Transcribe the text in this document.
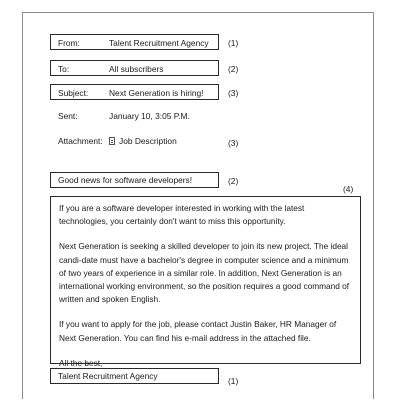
From:	Talent Recruitment Agency (1)
To:	All subscribers	(2)
Subject: Next Generation is hiring!	(3)
Sent:	January 10, 3:05 P.M.
Attachment:	Job Description	(3)
Good news for software developers!	(2)
(4)

If you are a software developer interested in working with the latest technologies, you certainly don't want to miss this opportunity.

Next Generation is seeking a skilled developer to join its new project. The ideal candi-date must have a bachelor's degree in computer science and a minimum of two years of experience in a similar role. In addition, Next Generation is an international working environment, so the position requires a good command of written and spoken English.

If you want to apply for the job, please contact Justin Baker, HR Manager of Next Generation. You can find his e-mail address in the attached file.

All the best,

Talent Recruitment Agency	(1)
